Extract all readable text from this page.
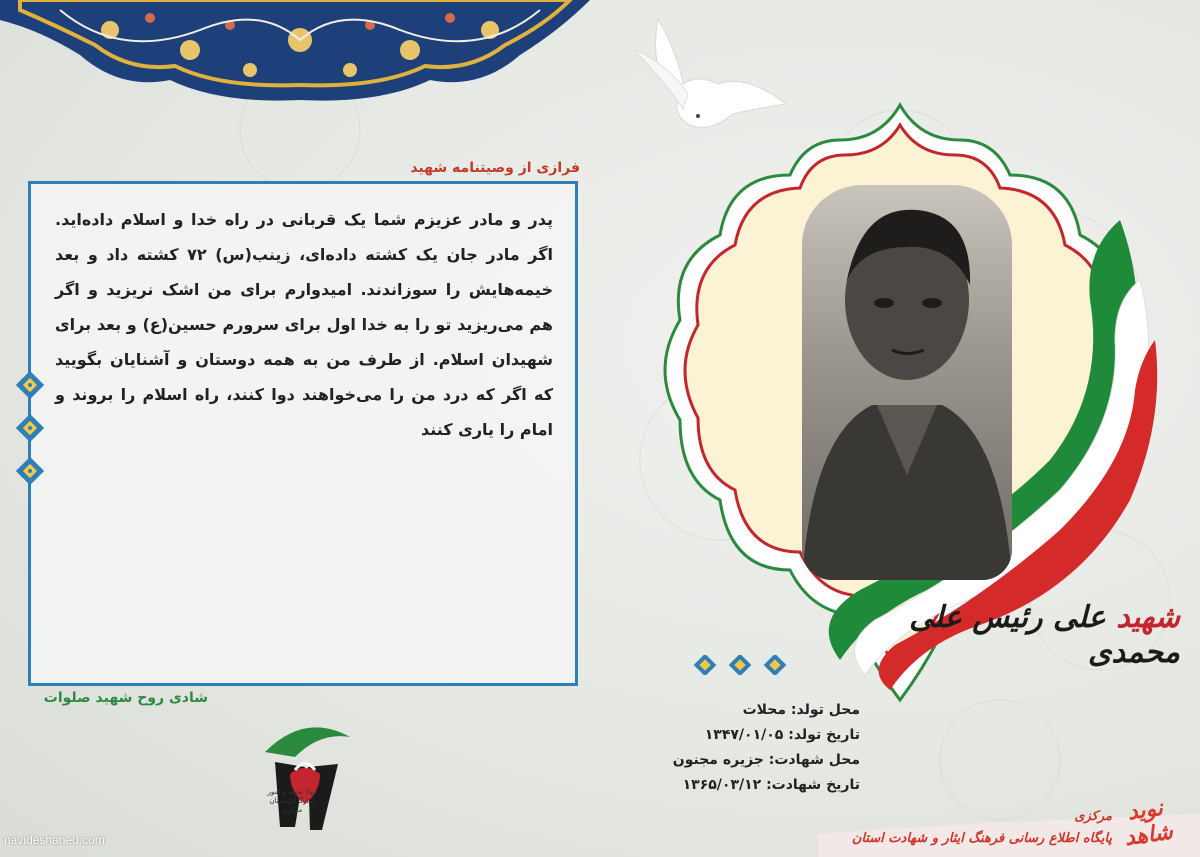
فرازی از وصیتنامه شهید

پدر و مادر عزیزم شما یک قربانی در راه خدا و اسلام داده‌اید. اگر مادر جان یک کشته داده‌ای، زینب(س) ۷۲ کشته داد و بعد خیمه‌هایش را سوزاندند. امیدوارم برای من اشک نریزید و اگر هم می‌ریزید تو را به خدا اول برای سرورم حسین(ع) و بعد برای شهیدان اسلام. از طرف من به همه دوستان و آشنایان بگویید که اگر که درد من را می‌خواهند دوا کنند، راه اسلام را بروند و امام را یاری کنند

شادی روح شهید صلوات
بنیاد شهید و امور ایثارگران استان مرکزی
navideshahed.com
شهید علی رئیس علی محمدی
محل تولد: محلات
تاریخ تولد: ۱۳۴۷/۰۱/۰۵
محل شهادت: جزیره مجنون
تاریخ شهادت: ۱۳۶۵/۰۳/۱۲
نوید شاهد
مرکزی
پایگاه اطلاع رسانی فرهنگ ایثار و شهادت استان
